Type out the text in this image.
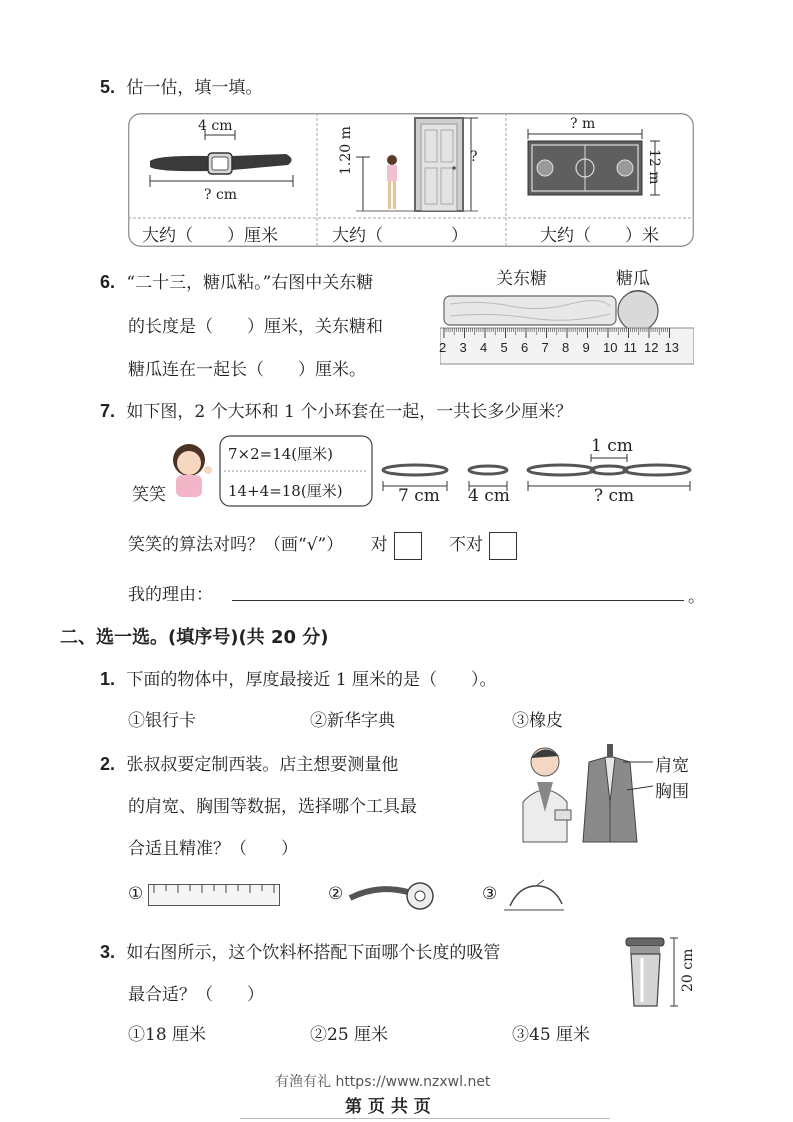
5. 估一估，填一填。
4 cm
? cm
大约（　　）厘米
1.20 m	?
大约（　　　　）
? m
12 m
大约（　　）米
6. “二十三，糖瓜粘。”右图中关东糖
的长度是（　　）厘米，关东糖和
糖瓜连在一起长（　　）厘米。
关东糖	糖瓜
2 3 4 5 6 7 8 9 10 11 12 13
7. 如下图，2 个大环和 1 个小环套在一起，一共长多少厘米？
笑笑
7×2=14(厘米)
14+4=18(厘米)	7 cm 4 cm
1 cm
? cm
笑笑的算法对吗？（画“√”） 对	不对
我的理由：	。
二、选一选。(填序号)(共 20 分)
1. 下面的物体中，厚度最接近 1 厘米的是（　　）。
①银行卡	②新华字典	③橡皮
2. 张叔叔要定制西装。店主想要测量他
的肩宽、胸围等数据，选择哪个工具最
合适且精准？（　　）
肩宽
胸围
①	②	③
3. 如右图所示，这个饮料杯搭配下面哪个长度的吸管
最合适？（　　）
20 cm
①18 厘米	②25 厘米	③45 厘米
有渔有礼 https://www.nzxwl.net
第 页 共 页
